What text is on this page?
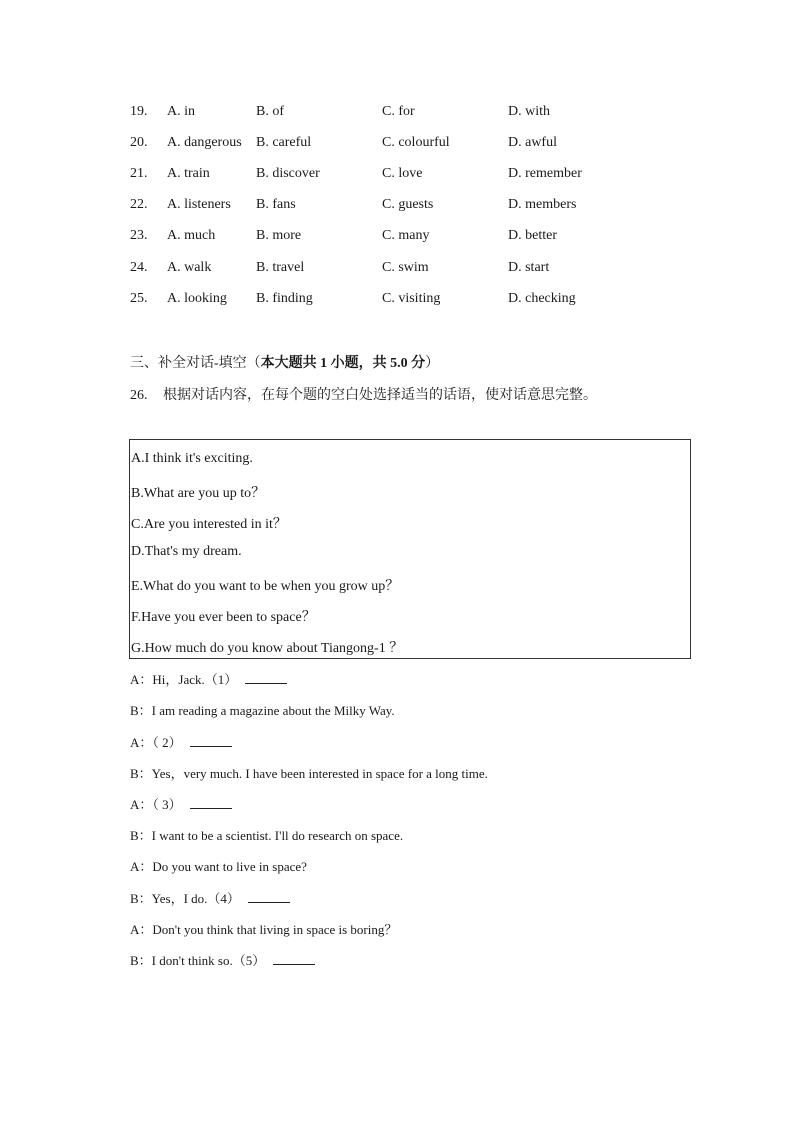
19. A. in	B. of	C. for	D. with
20. A. dangerous B. careful	C. colourful	D. awful
21. A. train	B. discover	C. love	D. remember
22. A. listeners B. fans	C. guests	D. members
23. A. much	B. more	C. many	D. better
24. A. walk	B. travel	C. swim	D. start
25. A. looking B. finding	C. visiting	D. checking
三、补全对话-填空（本大题共 1 小题，共 5.0 分）
26. 根据对话内容，在每个题的空白处选择适当的话语，使对话意思完整。
A.I think it's exciting.
B.What are you up to？
C.Are you interested in it？
D.That's my dream.
E.What do you want to be when you grow up？
F.Have you ever been to space？
G.How much do you know about Tiangong-1 ？
A：Hi，Jack.（1）
B：I am reading a magazine about the Milky Way.
A：（ 2）
B：Yes，very much. I have been interested in space for a long time.
A：（ 3）
B：I want to be a scientist. I'll do research on space.
A：Do you want to live in space?
B：Yes，I do.（4）
A：Don't you think that living in space is boring？
B：I don't think so.（5）
